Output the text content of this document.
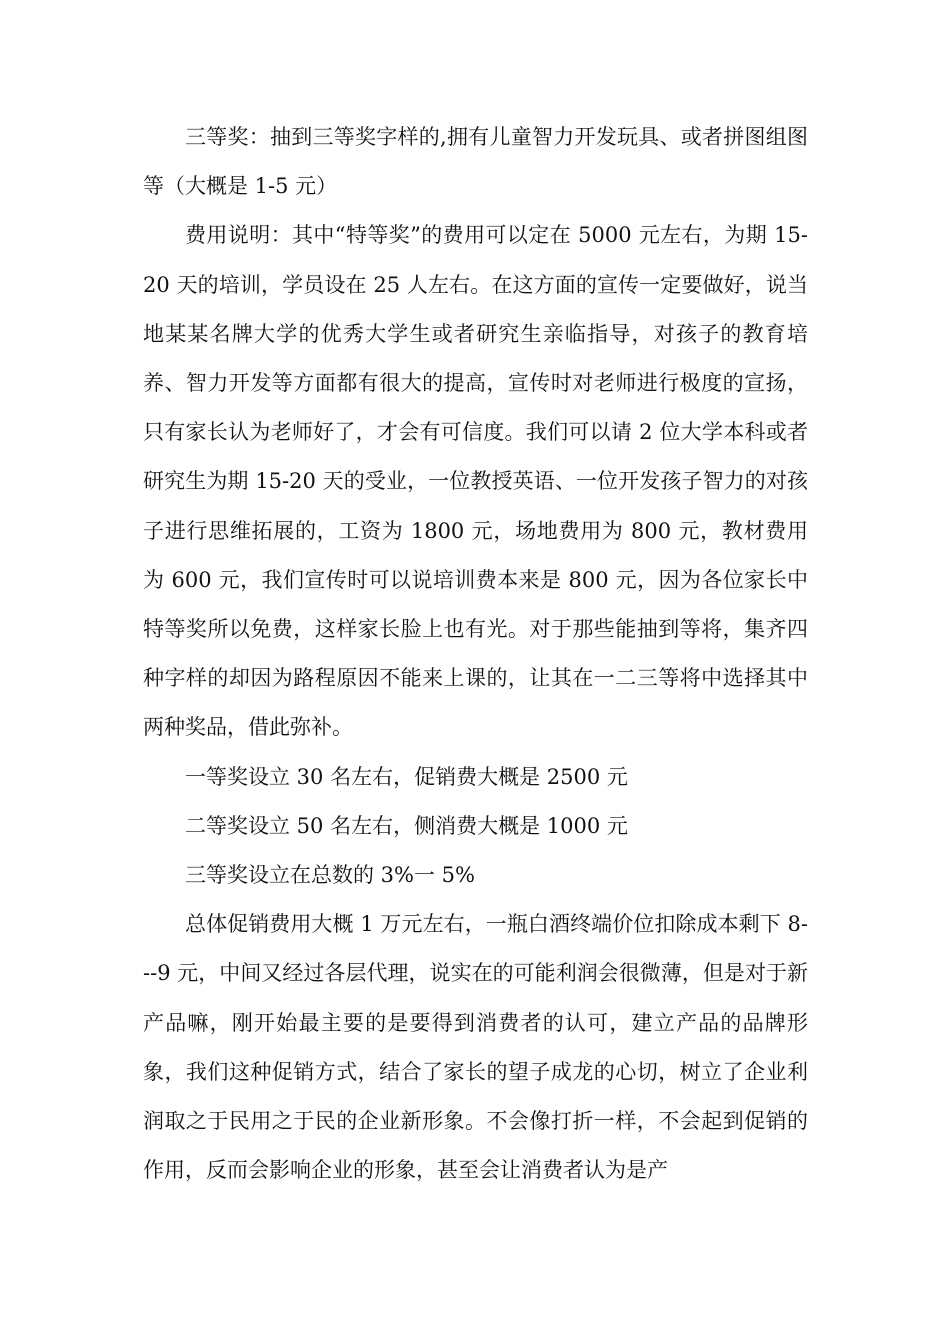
三等奖：抽到三等奖字样的,拥有儿童智力开发玩具、或者拼图组图等（大概是 1-5 元）

费用说明：其中“特等奖”的费用可以定在 5000 元左右，为期 15-20 天的培训，学员设在 25 人左右。在这方面的宣传一定要做好，说当地某某名牌大学的优秀大学生或者研究生亲临指导，对孩子的教育培养、智力开发等方面都有很大的提高，宣传时对老师进行极度的宣扬，只有家长认为老师好了，才会有可信度。我们可以请 2 位大学本科或者研究生为期 15-20 天的受业，一位教授英语、一位开发孩子智力的对孩子进行思维拓展的，工资为 1800 元，场地费用为 800 元，教材费用为 600 元，我们宣传时可以说培训费本来是 800 元，因为各位家长中特等奖所以免费，这样家长脸上也有光。对于那些能抽到等将，集齐四种字样的却因为路程原因不能来上课的，让其在一二三等将中选择其中两种奖品，借此弥补。

一等奖设立 30 名左右，促销费大概是 2500 元

二等奖设立 50 名左右，侧消费大概是 1000 元

三等奖设立在总数的 3%一 5%

总体促销费用大概 1 万元左右，一瓶白酒终端价位扣除成本剩下 8---9 元，中间又经过各层代理，说实在的可能利润会很微薄，但是对于新产品嘛，刚开始最主要的是要得到消费者的认可，建立产品的品牌形象，我们这种促销方式，结合了家长的望子成龙的心切，树立了企业利润取之于民用之于民的企业新形象。不会像打折一样，不会起到促销的作用，反而会影响企业的形象，甚至会让消费者认为是产
